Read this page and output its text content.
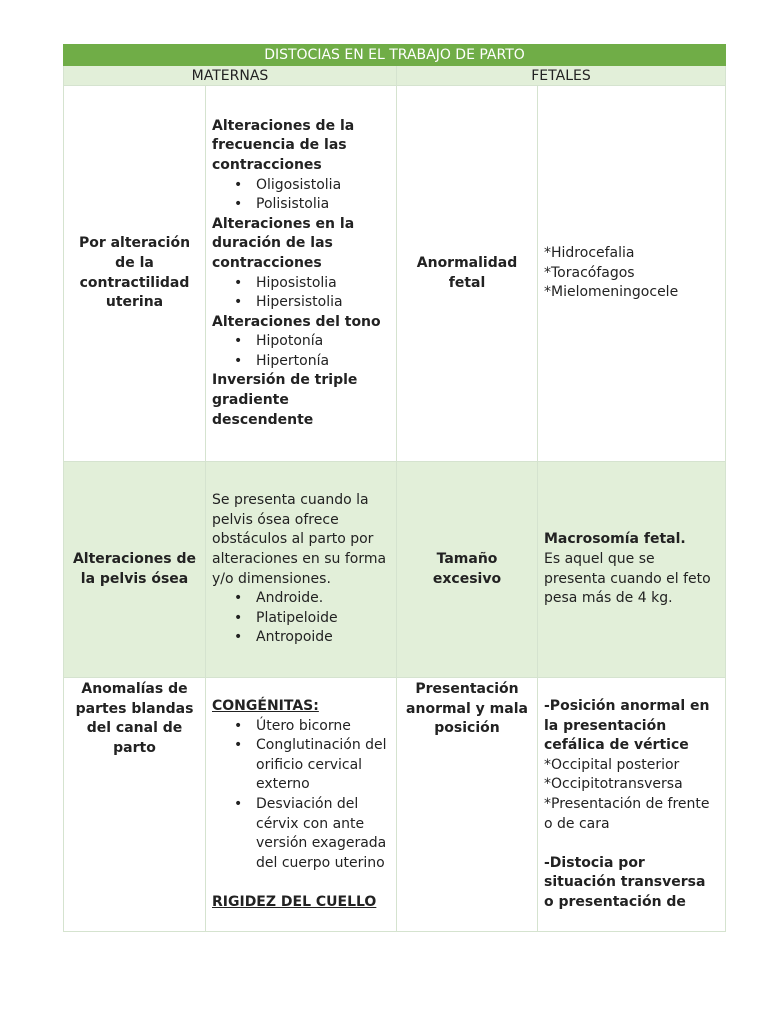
DISTOCIAS EN EL TRABAJO DE PARTO
MATERNAS	FETALES
Por alteración de la contractilidad uterina
Alteraciones de la frecuencia de las contracciones
• Oligosistolia
• Polisistolia
Alteraciones en la duración de las contracciones
• Hiposistolia
• Hipersistolia
Alteraciones del tono
• Hipotonía
• Hipertonía
Inversión de triple gradiente descendente
Anormalidad fetal
*Hidrocefalia
*Toracófagos
*Mielomeningocele
Alteraciones de la pelvis ósea
Se presenta cuando la pelvis ósea ofrece obstáculos al parto por alteraciones en su forma y/o dimensiones.
• Androide.
• Platipeloide
• Antropoide
Tamaño excesivo
Macrosomía fetal.
Es aquel que se presenta cuando el feto pesa más de 4 kg.
Anomalías de partes blandas del canal de parto
CONGÉNITAS:
• Útero bicorne
• Conglutinación del orificio cervical externo
• Desviación del cérvix con ante versión exagerada del cuerpo uterino
RIGIDEZ DEL CUELLO
Presentación anormal y mala posición
-Posición anormal en la presentación cefálica de vértice
*Occipital posterior
*Occipitotransversa
*Presentación de frente o de cara
-Distocia por situación transversa o presentación de
